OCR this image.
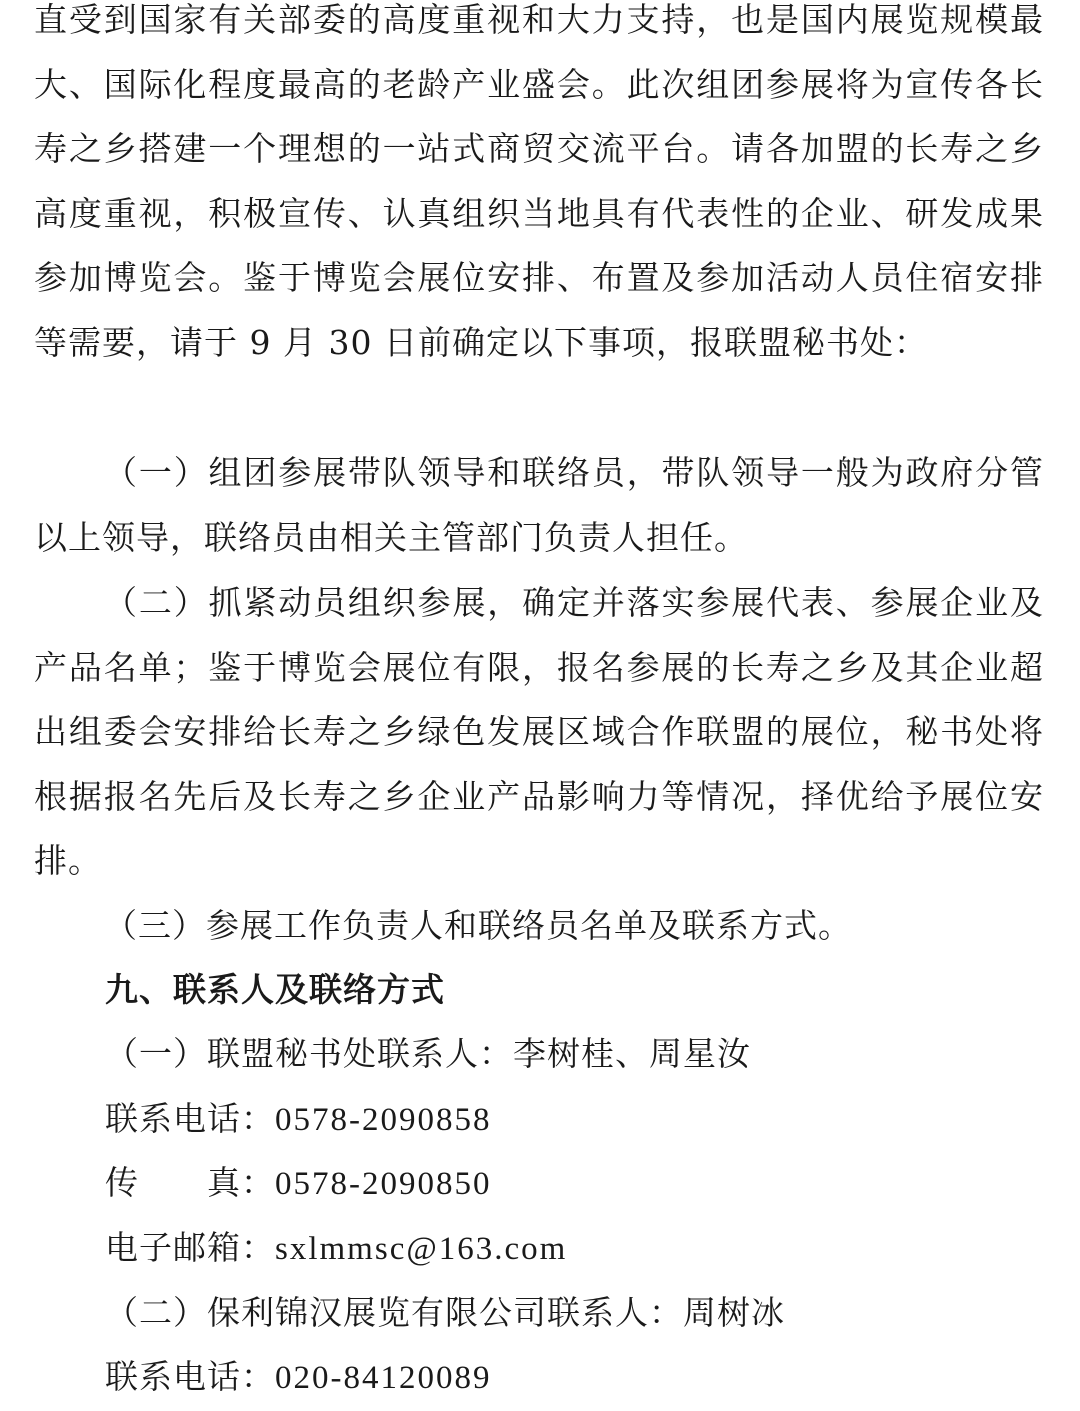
直受到国家有关部委的高度重视和大力支持，也是国内展览规模最大、国际化程度最高的老龄产业盛会。此次组团参展将为宣传各长寿之乡搭建一个理想的一站式商贸交流平台。请各加盟的长寿之乡高度重视，积极宣传、认真组织当地具有代表性的企业、研发成果参加博览会。鉴于博览会展位安排、布置及参加活动人员住宿安排等需要，请于 9 月 30 日前确定以下事项，报联盟秘书处：

（一）组团参展带队领导和联络员，带队领导一般为政府分管以上领导，联络员由相关主管部门负责人担任。

（二）抓紧动员组织参展，确定并落实参展代表、参展企业及产品名单；鉴于博览会展位有限，报名参展的长寿之乡及其企业超出组委会安排给长寿之乡绿色发展区域合作联盟的展位，秘书处将根据报名先后及长寿之乡企业产品影响力等情况，择优给予展位安排。

（三）参展工作负责人和联络员名单及联系方式。

九、联系人及联络方式

（一）联盟秘书处联系人：李树桂、周星汝

联系电话：0578-2090858

传　　真：0578-2090850

电子邮箱：sxlmmsc@163.com

（二）保利锦汉展览有限公司联系人：周树冰

联系电话：020-84120089
